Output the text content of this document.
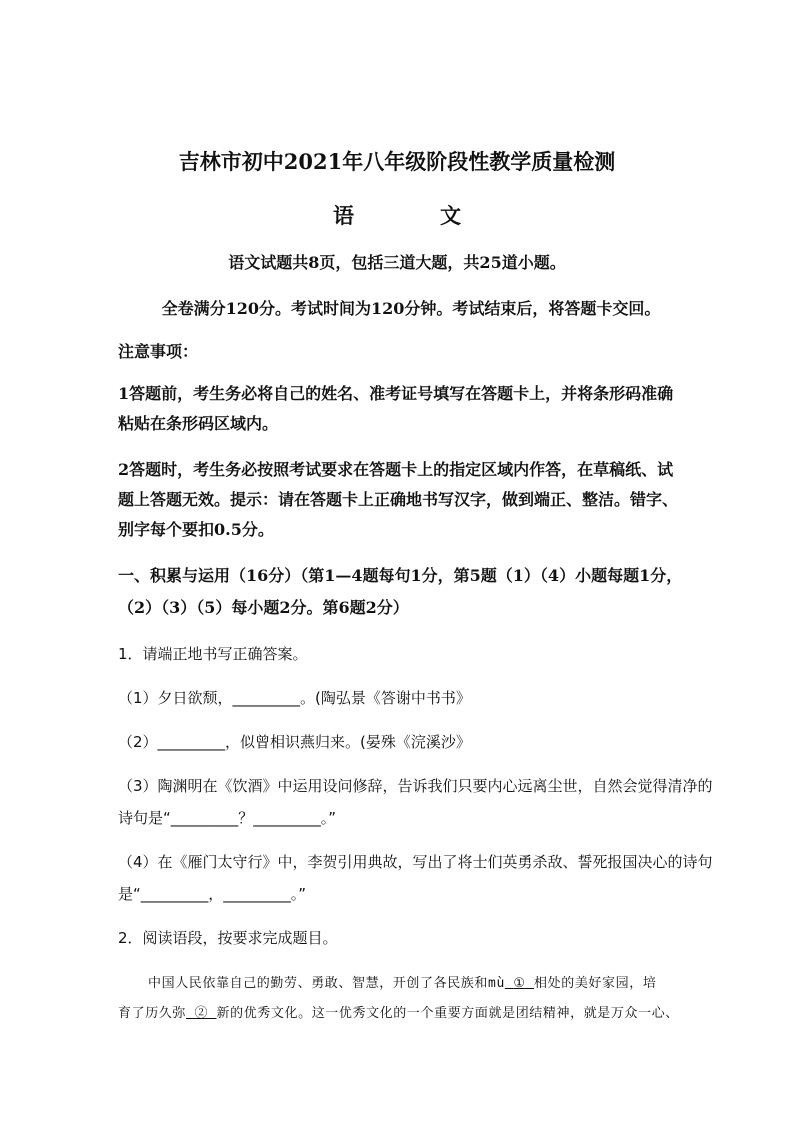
吉林市初中2021年八年级阶段性教学质量检测
语	文
语文试题共8页，包括三道大题，共25道小题。
全卷满分120分。考试时间为120分钟。考试结束后，将答题卡交回。
注意事项：
1答题前，考生务必将自己的姓名、准考证号填写在答题卡上，并将条形码准确
粘贴在条形码区域内。
2答题时，考生务必按照考试要求在答题卡上的指定区域内作答，在草稿纸、试
题上答题无效。提示：请在答题卡上正确地书写汉字，做到端正、整洁。错字、
别字每个要扣0.5分。
一、积累与运用（16分）（第1—4题每句1分，第5题（1）（4）小题每题1分，
（2）（3）（5）每小题2分。第6题2分）
1．请端正地书写正确答案。
（1）夕日欲颓，_________。(陶弘景《答谢中书书》
（2）_________，似曾相识燕归来。(晏殊《浣溪沙》
（3）陶渊明在《饮酒》中运用设问修辞，告诉我们只要内心远离尘世，自然会觉得清净的
诗句是“_________？_________。”
（4）在《雁门太守行》中，李贺引用典故，写出了将士们英勇杀敌、誓死报国决心的诗句
是“_________，_________。”
2．阅读语段，按要求完成题目。
中国人民依靠自己的勤劳、勇敢、智慧，开创了各民族和mù ① 相处的美好家园，培
育了历久弥 ② 新的优秀文化。这一优秀文化的一个重要方面就是团结精神，就是万众一心、
